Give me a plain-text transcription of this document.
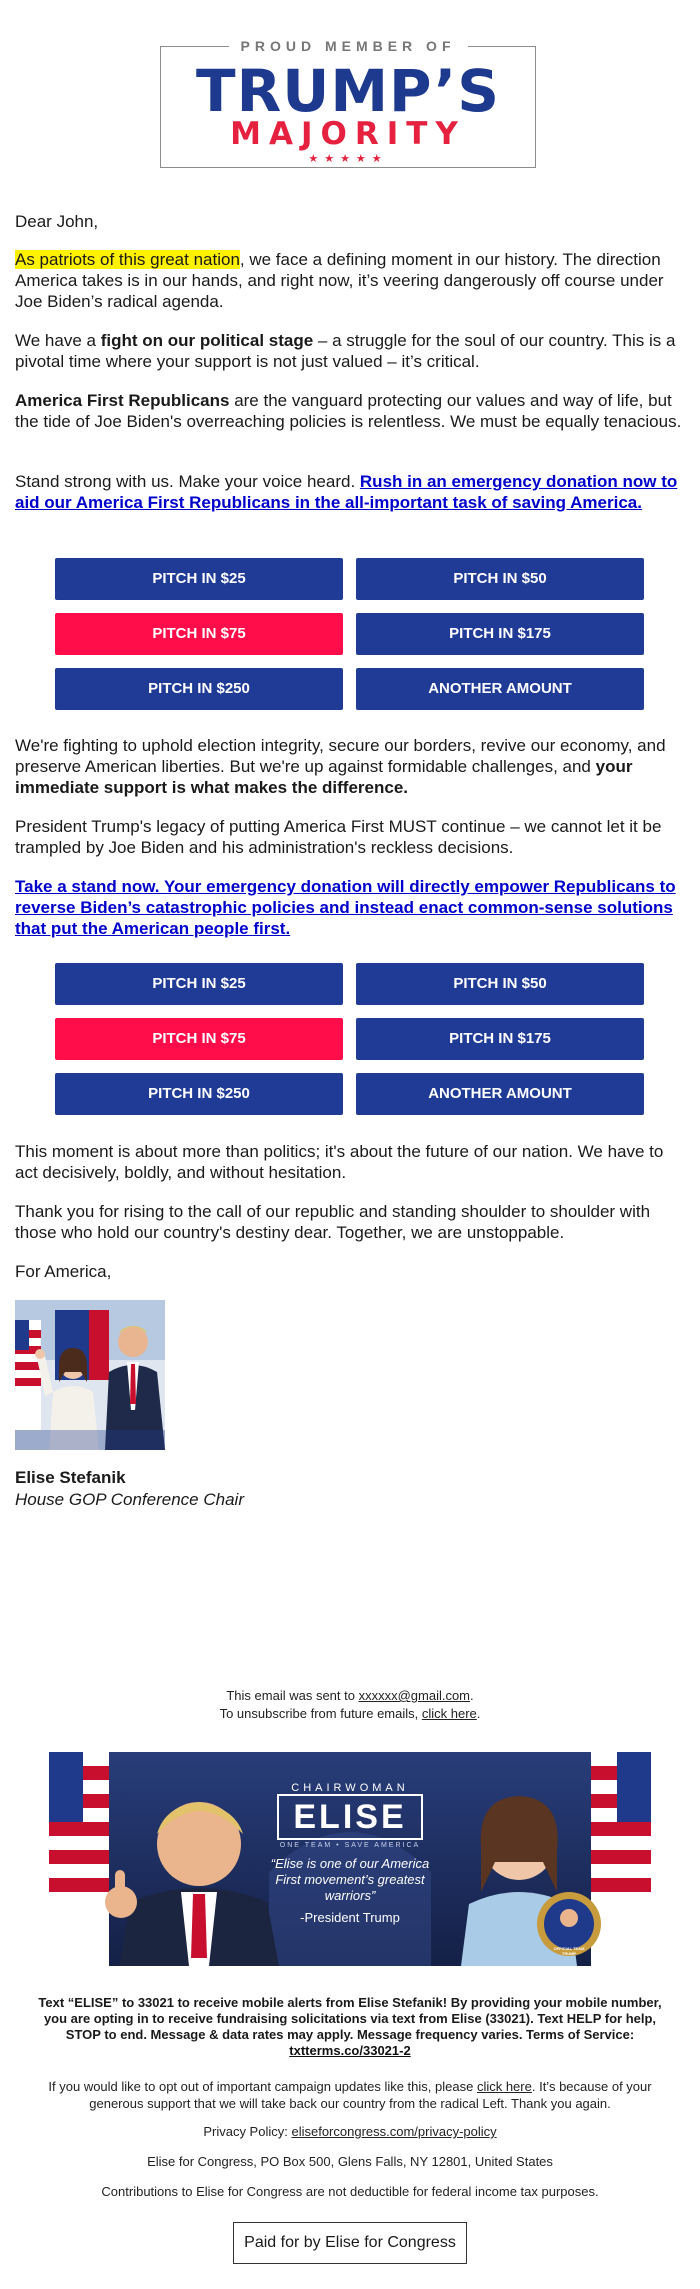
PROUD MEMBER OF
TRUMP’S
MAJORITY
★★★★★
Dear John,
As patriots of this great nation, we face a defining moment in our history. The direction America takes is in our hands, and right now, it’s veering dangerously off course under Joe Biden’s radical agenda.
We have a fight on our political stage – a struggle for the soul of our country. This is a pivotal time where your support is not just valued – it’s critical.
America First Republicans are the vanguard protecting our values and way of life, but the tide of Joe Biden's overreaching policies is relentless. We must be equally tenacious.
Stand strong with us. Make your voice heard. Rush in an emergency donation now to aid our America First Republicans in the all-important task of saving America.
PITCH IN $25	PITCH IN $50
PITCH IN $75	PITCH IN $175
PITCH IN $250	ANOTHER AMOUNT
We're fighting to uphold election integrity, secure our borders, revive our economy, and preserve American liberties. But we're up against formidable challenges, and your immediate support is what makes the difference.
President Trump's legacy of putting America First MUST continue – we cannot let it be trampled by Joe Biden and his administration's reckless decisions.
Take a stand now. Your emergency donation will directly empower Republicans to reverse Biden’s catastrophic policies and instead enact common-sense solutions that put the American people first.
PITCH IN $25	PITCH IN $50
PITCH IN $75	PITCH IN $175
PITCH IN $250	ANOTHER AMOUNT
This moment is about more than politics; it's about the future of our nation. We have to act decisively, boldly, and without hesitation.
Thank you for rising to the call of our republic and standing shoulder to shoulder with those who hold our country's destiny dear. Together, we are unstoppable.
For America,
Elise Stefanik
House GOP Conference Chair
This email was sent to xxxxxx@gmail.com.
To unsubscribe from future emails, click here.
CHAIRWOMAN
ELISE
ONE TEAM • SAVE AMERICA
“Elise is one of our America First movement’s greatest warriors”
-President Trump
OFFICIAL TEAM TRUMP
Text “ELISE” to 33021 to receive mobile alerts from Elise Stefanik! By providing your mobile number, you are opting in to receive fundraising solicitations via text from Elise (33021). Text HELP for help, STOP to end. Message & data rates may apply. Message frequency varies. Terms of Service: txtterms.co/33021-2
If you would like to opt out of important campaign updates like this, please click here. It’s because of your generous support that we will take back our country from the radical Left. Thank you again.
Privacy Policy: eliseforcongress.com/privacy-policy
Elise for Congress, PO Box 500, Glens Falls, NY 12801, United States
Contributions to Elise for Congress are not deductible for federal income tax purposes.
Paid for by Elise for Congress
